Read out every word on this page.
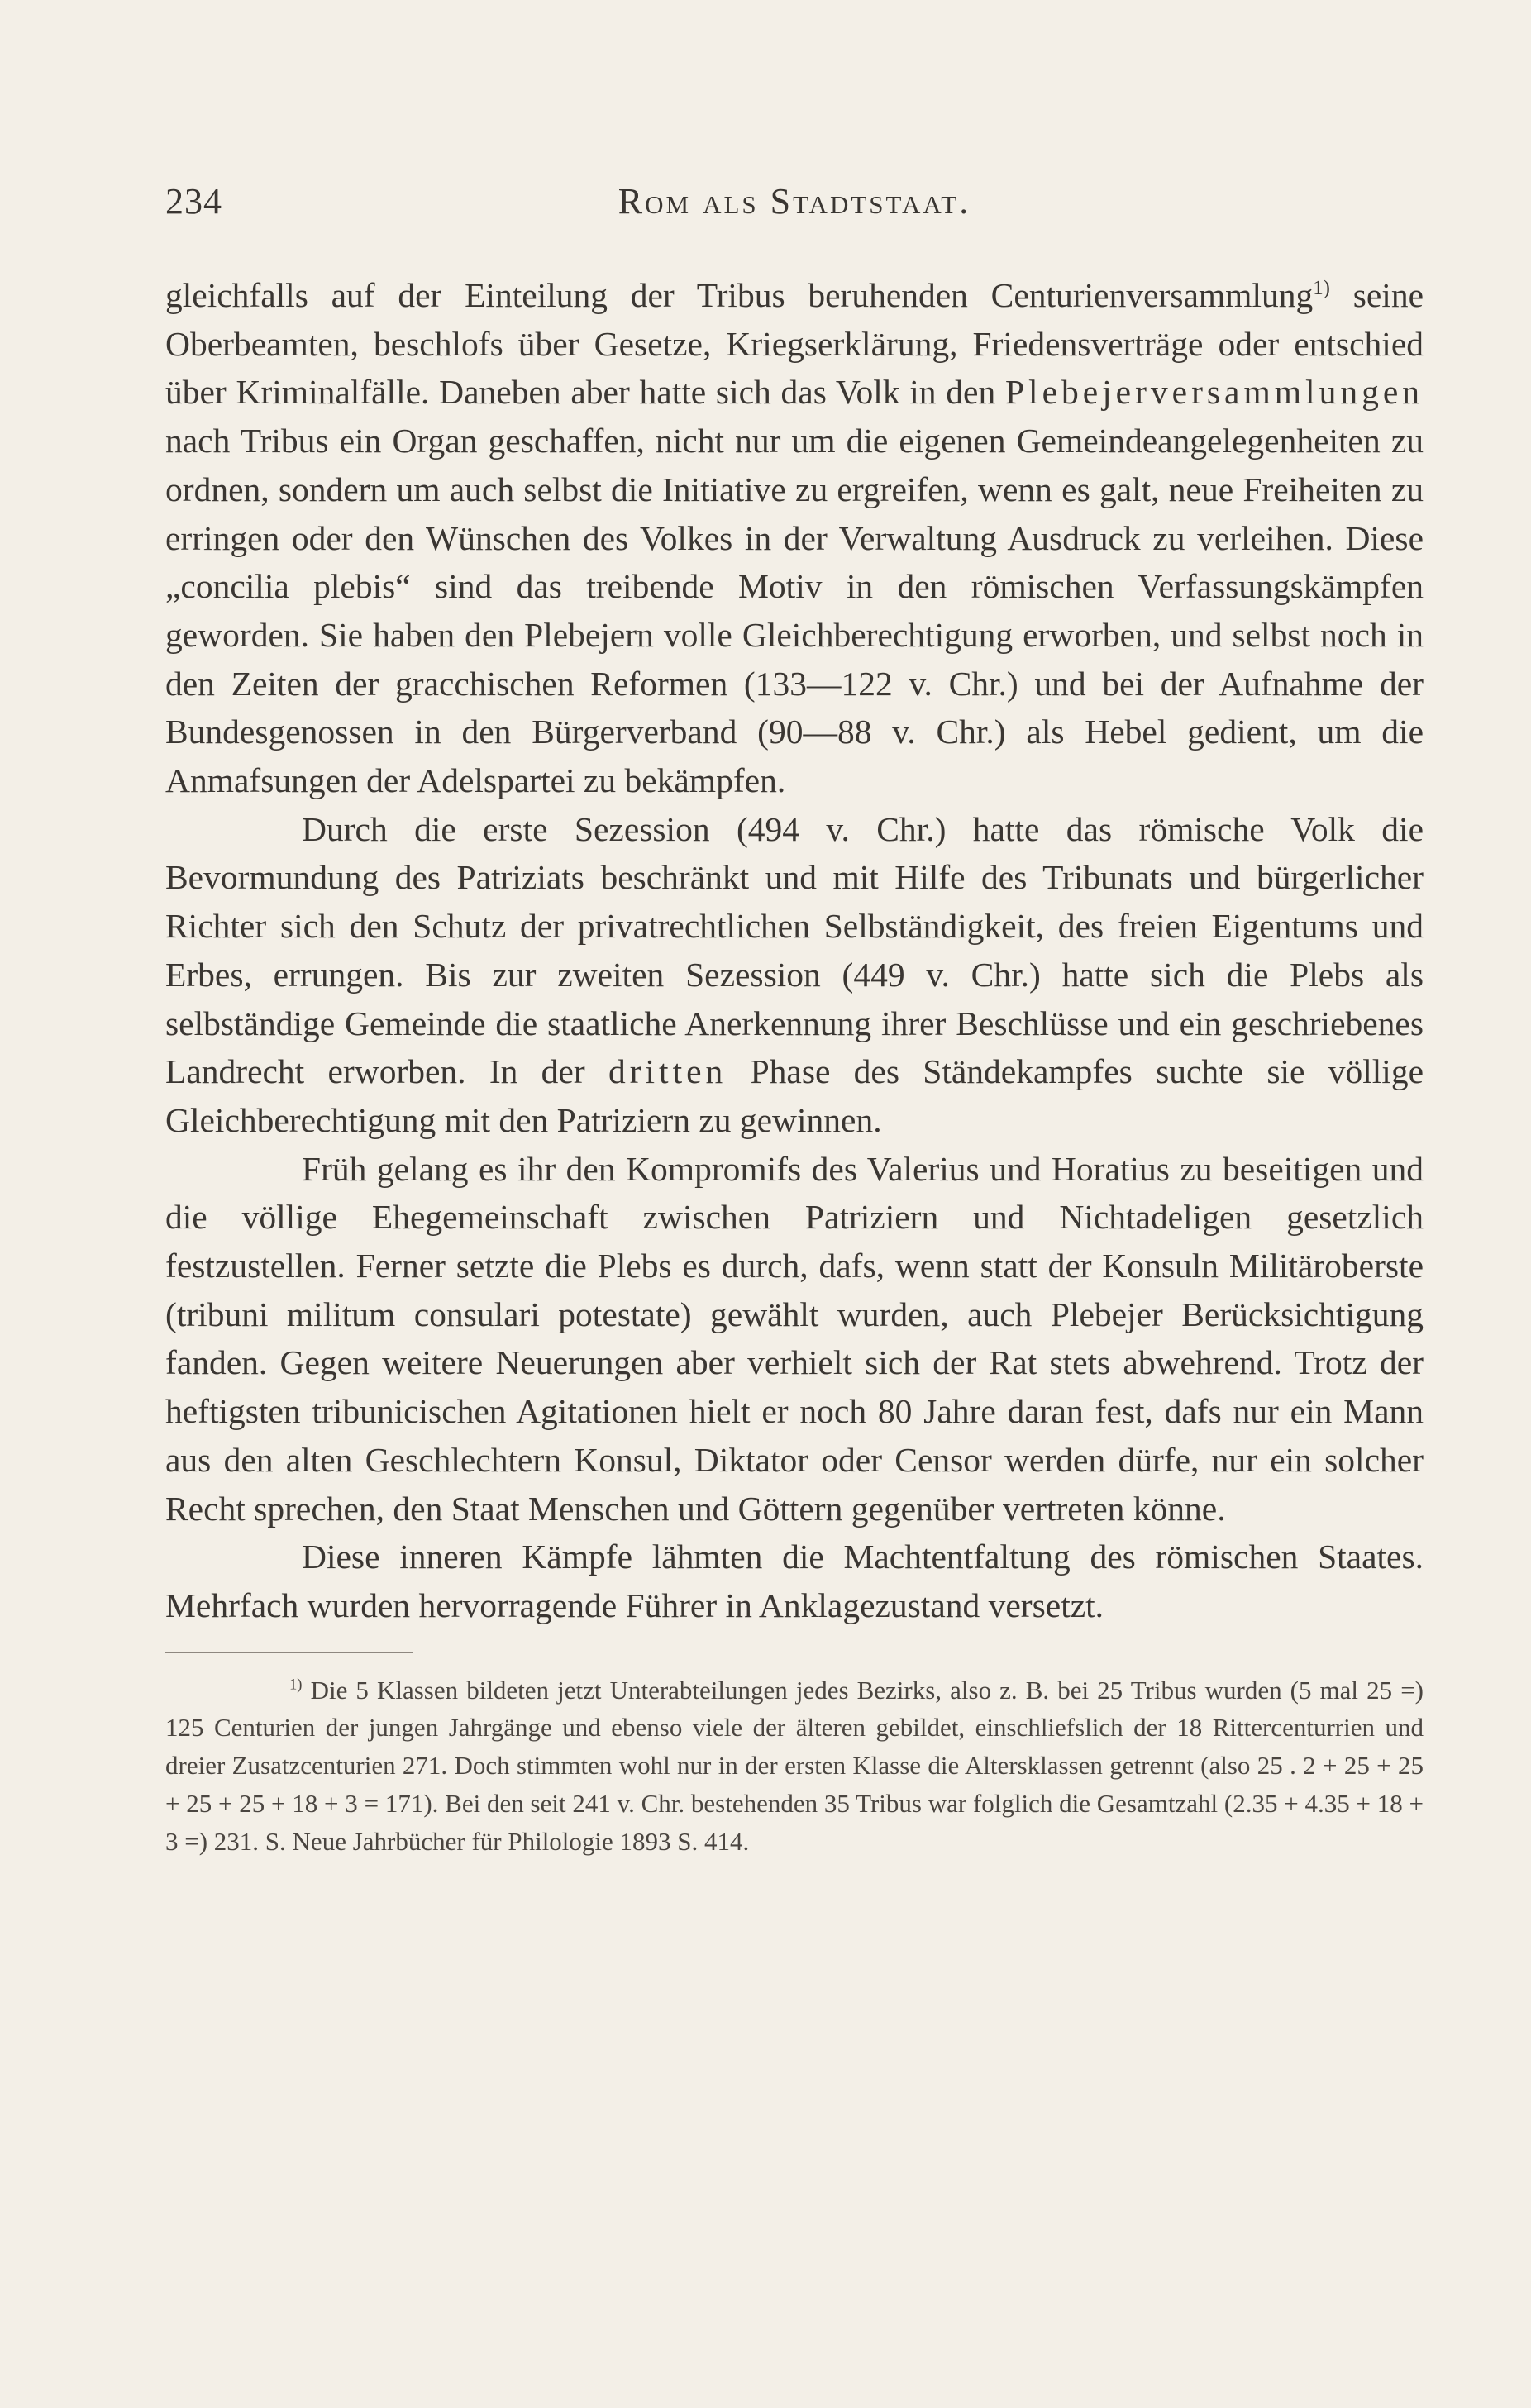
234	Rom als Stadtstaat.

gleichfalls auf der Einteilung der Tribus beruhenden Centurienversammlung$^{1)}$ seine Oberbeamten, beschlofs über Gesetze, Kriegserklärung, Friedensverträge oder entschied über Kriminalfälle. Daneben aber hatte sich das Volk in den Plebejerversammlungen nach Tribus ein Organ geschaffen, nicht nur um die eigenen Gemeindeangelegenheiten zu ordnen, sondern um auch selbst die Initiative zu ergreifen, wenn es galt, neue Freiheiten zu erringen oder den Wünschen des Volkes in der Verwaltung Ausdruck zu verleihen. Diese „concilia plebis“ sind das treibende Motiv in den römischen Verfassungskämpfen geworden. Sie haben den Plebejern volle Gleichberechtigung erworben, und selbst noch in den Zeiten der gracchischen Reformen (133—122 v. Chr.) und bei der Aufnahme der Bundesgenossen in den Bürgerverband (90—88 v. Chr.) als Hebel gedient, um die Anmafsungen der Adelspartei zu bekämpfen.

Durch die erste Sezession (494 v. Chr.) hatte das römische Volk die Bevormundung des Patriziats beschränkt und mit Hilfe des Tribunats und bürgerlicher Richter sich den Schutz der privatrechtlichen Selbständigkeit, des freien Eigentums und Erbes, errungen. Bis zur zweiten Sezession (449 v. Chr.) hatte sich die Plebs als selbständige Gemeinde die staatliche Anerkennung ihrer Beschlüsse und ein geschriebenes Landrecht erworben. In der dritten Phase des Ständekampfes suchte sie völlige Gleichberechtigung mit den Patriziern zu gewinnen.

Früh gelang es ihr den Kompromifs des Valerius und Horatius zu beseitigen und die völlige Ehegemeinschaft zwischen Patriziern und Nichtadeligen gesetzlich festzustellen. Ferner setzte die Plebs es durch, dafs, wenn statt der Konsuln Militäroberste (tribuni militum consulari potestate) gewählt wurden, auch Plebejer Berücksichtigung fanden. Gegen weitere Neuerungen aber verhielt sich der Rat stets abwehrend. Trotz der heftigsten tribunicischen Agitationen hielt er noch 80 Jahre daran fest, dafs nur ein Mann aus den alten Geschlechtern Konsul, Diktator oder Censor werden dürfe, nur ein solcher Recht sprechen, den Staat Menschen und Göttern gegenüber vertreten könne.

Diese inneren Kämpfe lähmten die Machtentfaltung des römischen Staates. Mehrfach wurden hervorragende Führer in Anklagezustand versetzt.

$^{1)}$ Die 5 Klassen bildeten jetzt Unterabteilungen jedes Bezirks, also z. B. bei 25 Tribus wurden (5 mal 25 =) 125 Centurien der jungen Jahrgänge und ebenso viele der älteren gebildet, einschliefslich der 18 Rittercenturrien und dreier Zusatzcenturien 271. Doch stimmten wohl nur in der ersten Klasse die Altersklassen getrennt (also 25 . 2 + 25 + 25 + 25 + 25 + 18 + 3 = 171). Bei den seit 241 v. Chr. bestehenden 35 Tribus war folglich die Gesamtzahl (2.35 + 4.35 + 18 + 3 =) 231. S. Neue Jahrbücher für Philologie 1893 S. 414.
